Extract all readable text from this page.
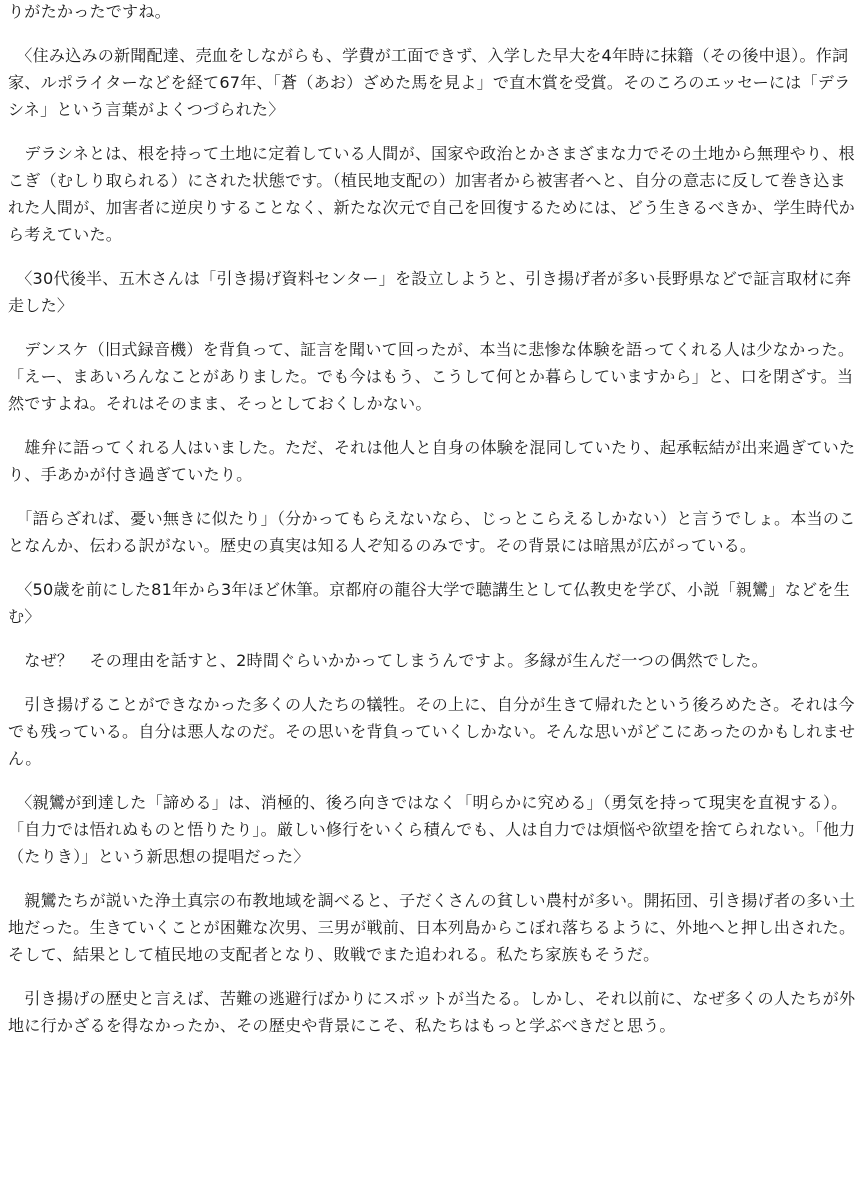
りがたかったですね。

 〈住み込みの新聞配達、売血をしながらも、学費が工面できず、入学した早大を4年時に抹籍（その後中退）。作詞家、ルポライターなどを経て67年、「蒼（あお）ざめた馬を見よ」で直木賞を受賞。そのころのエッセーには「デラシネ」という言葉がよくつづられた〉

　デラシネとは、根を持って土地に定着している人間が、国家や政治とかさまざまな力でその土地から無理やり、根こぎ（むしり取られる）にされた状態です。（植民地支配の）加害者から被害者へと、自分の意志に反して巻き込まれた人間が、加害者に逆戻りすることなく、新たな次元で自己を回復するためには、どう生きるべきか、学生時代から考えていた。

 〈30代後半、五木さんは「引き揚げ資料センター」を設立しようと、引き揚げ者が多い長野県などで証言取材に奔走した〉

　デンスケ（旧式録音機）を背負って、証言を聞いて回ったが、本当に悲惨な体験を語ってくれる人は少なかった。「えー、まあいろんなことがありました。でも今はもう、こうして何とか暮らしていますから」と、口を閉ざす。当然ですよね。それはそのまま、そっとしておくしかない。

　雄弁に語ってくれる人はいました。ただ、それは他人と自身の体験を混同していたり、起承転結が出来過ぎていたり、手あかが付き過ぎていたり。

 「語らざれば、憂い無きに似たり」（分かってもらえないなら、じっとこらえるしかない）と言うでしょ。本当のことなんか、伝わる訳がない。歴史の真実は知る人ぞ知るのみです。その背景には暗黒が広がっている。

 〈50歳を前にした81年から3年ほど休筆。京都府の龍谷大学で聴講生として仏教史を学び、小説「親鸞」などを生む〉

　なぜ？　その理由を話すと、2時間ぐらいかかってしまうんですよ。多縁が生んだ一つの偶然でした。

　引き揚げることができなかった多くの人たちの犠牲。その上に、自分が生きて帰れたという後ろめたさ。それは今でも残っている。自分は悪人なのだ。その思いを背負っていくしかない。そんな思いがどこにあったのかもしれません。

 〈親鸞が到達した「諦める」は、消極的、後ろ向きではなく「明らかに究める」（勇気を持って現実を直視する）。「自力では悟れぬものと悟りたり」。厳しい修行をいくら積んでも、人は自力では煩悩や欲望を捨てられない。「他力（たりき）」という新思想の提唱だった〉

　親鸞たちが説いた浄土真宗の布教地域を調べると、子だくさんの貧しい農村が多い。開拓団、引き揚げ者の多い土地だった。生きていくことが困難な次男、三男が戦前、日本列島からこぼれ落ちるように、外地へと押し出された。そして、結果として植民地の支配者となり、敗戦でまた追われる。私たち家族もそうだ。

　引き揚げの歴史と言えば、苦難の逃避行ばかりにスポットが当たる。しかし、それ以前に、なぜ多くの人たちが外地に行かざるを得なかったか、その歴史や背景にこそ、私たちはもっと学ぶべきだと思う。
